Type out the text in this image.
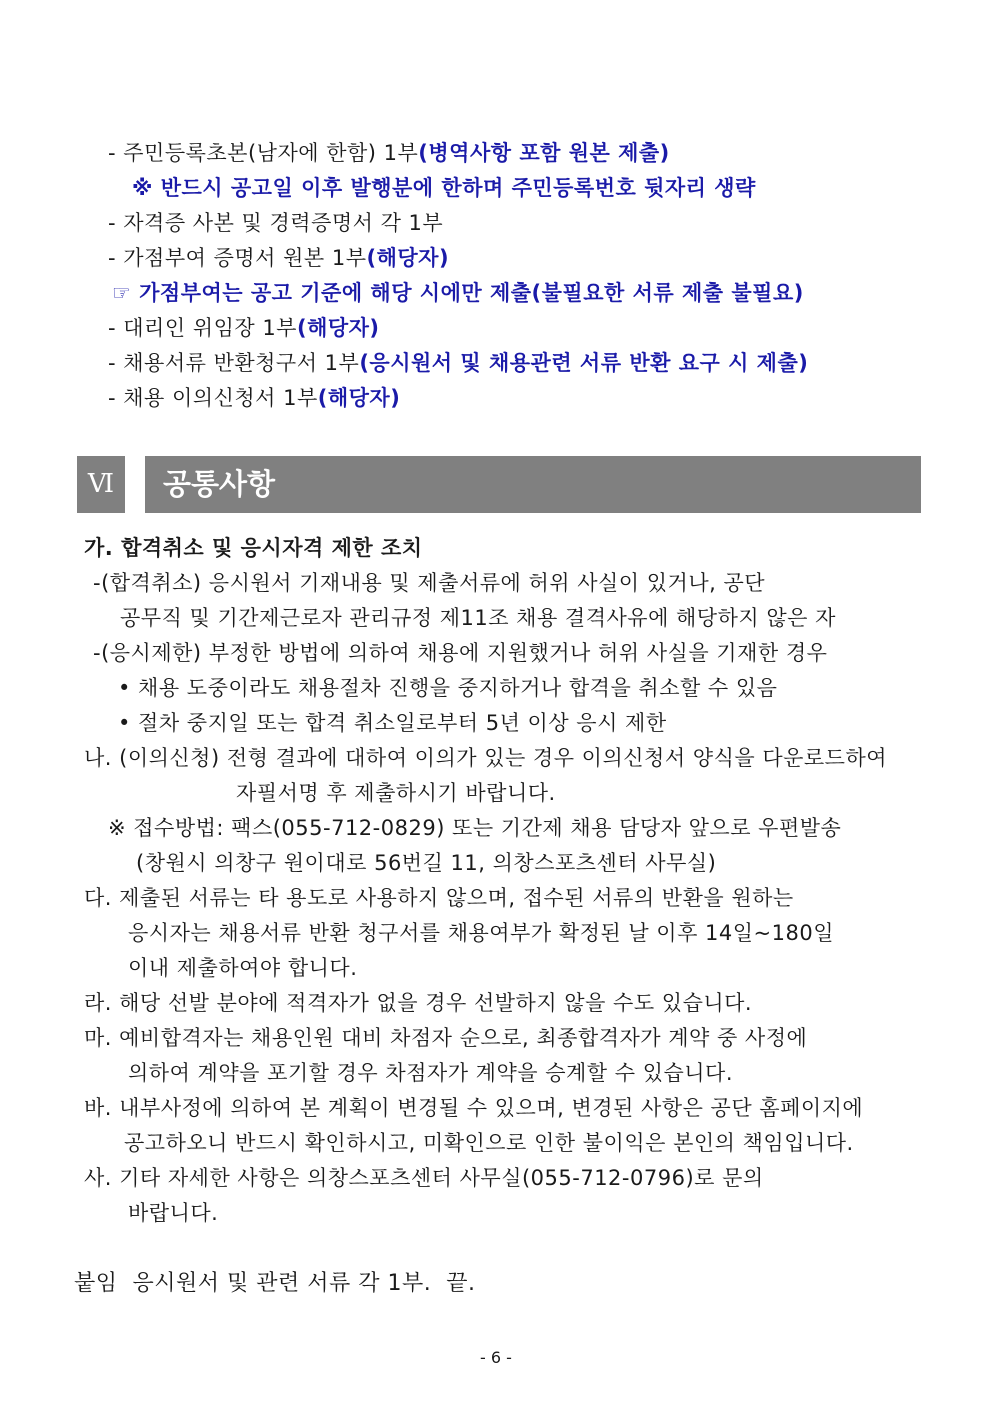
- 주민등록초본(남자에 한함) 1부(병역사항 포함 원본 제출)
※ 반드시 공고일 이후 발행분에 한하며 주민등록번호 뒷자리 생략
- 자격증 사본 및 경력증명서 각 1부
- 가점부여 증명서 원본 1부(해당자)
☞ 가점부여는 공고 기준에 해당 시에만 제출(불필요한 서류 제출 불필요)
- 대리인 위임장 1부(해당자)
- 채용서류 반환청구서 1부(응시원서 및 채용관련 서류 반환 요구 시 제출)
- 채용 이의신청서 1부(해당자)
Ⅵ	공통사항
가. 합격취소 및 응시자격 제한 조치
-(합격취소) 응시원서 기재내용 및 제출서류에 허위 사실이 있거나, 공단
공무직 및 기간제근로자 관리규정 제11조 채용 결격사유에 해당하지 않은 자
-(응시제한) 부정한 방법에 의하여 채용에 지원했거나 허위 사실을 기재한 경우
• 채용 도중이라도 채용절차 진행을 중지하거나 합격을 취소할 수 있음
• 절차 중지일 또는 합격 취소일로부터 5년 이상 응시 제한
나. (이의신청) 전형 결과에 대하여 이의가 있는 경우 이의신청서 양식을 다운로드하여
자필서명 후 제출하시기 바랍니다.
※ 접수방법: 팩스(055-712-0829) 또는 기간제 채용 담당자 앞으로 우편발송
(창원시 의창구 원이대로 56번길 11, 의창스포츠센터 사무실)
다. 제출된 서류는 타 용도로 사용하지 않으며, 접수된 서류의 반환을 원하는
응시자는 채용서류 반환 청구서를 채용여부가 확정된 날 이후 14일~180일
이내 제출하여야 합니다.
라. 해당 선발 분야에 적격자가 없을 경우 선발하지 않을 수도 있습니다.
마. 예비합격자는 채용인원 대비 차점자 순으로, 최종합격자가 계약 중 사정에
의하여 계약을 포기할 경우 차점자가 계약을 승계할 수 있습니다.
바. 내부사정에 의하여 본 계획이 변경될 수 있으며, 변경된 사항은 공단 홈페이지에
공고하오니 반드시 확인하시고, 미확인으로 인한 불이익은 본인의 책임입니다.
사. 기타 자세한 사항은 의창스포츠센터 사무실(055-712-0796)로 문의
바랍니다.
붙임  응시원서 및 관련 서류 각 1부.  끝.
- 6 -
